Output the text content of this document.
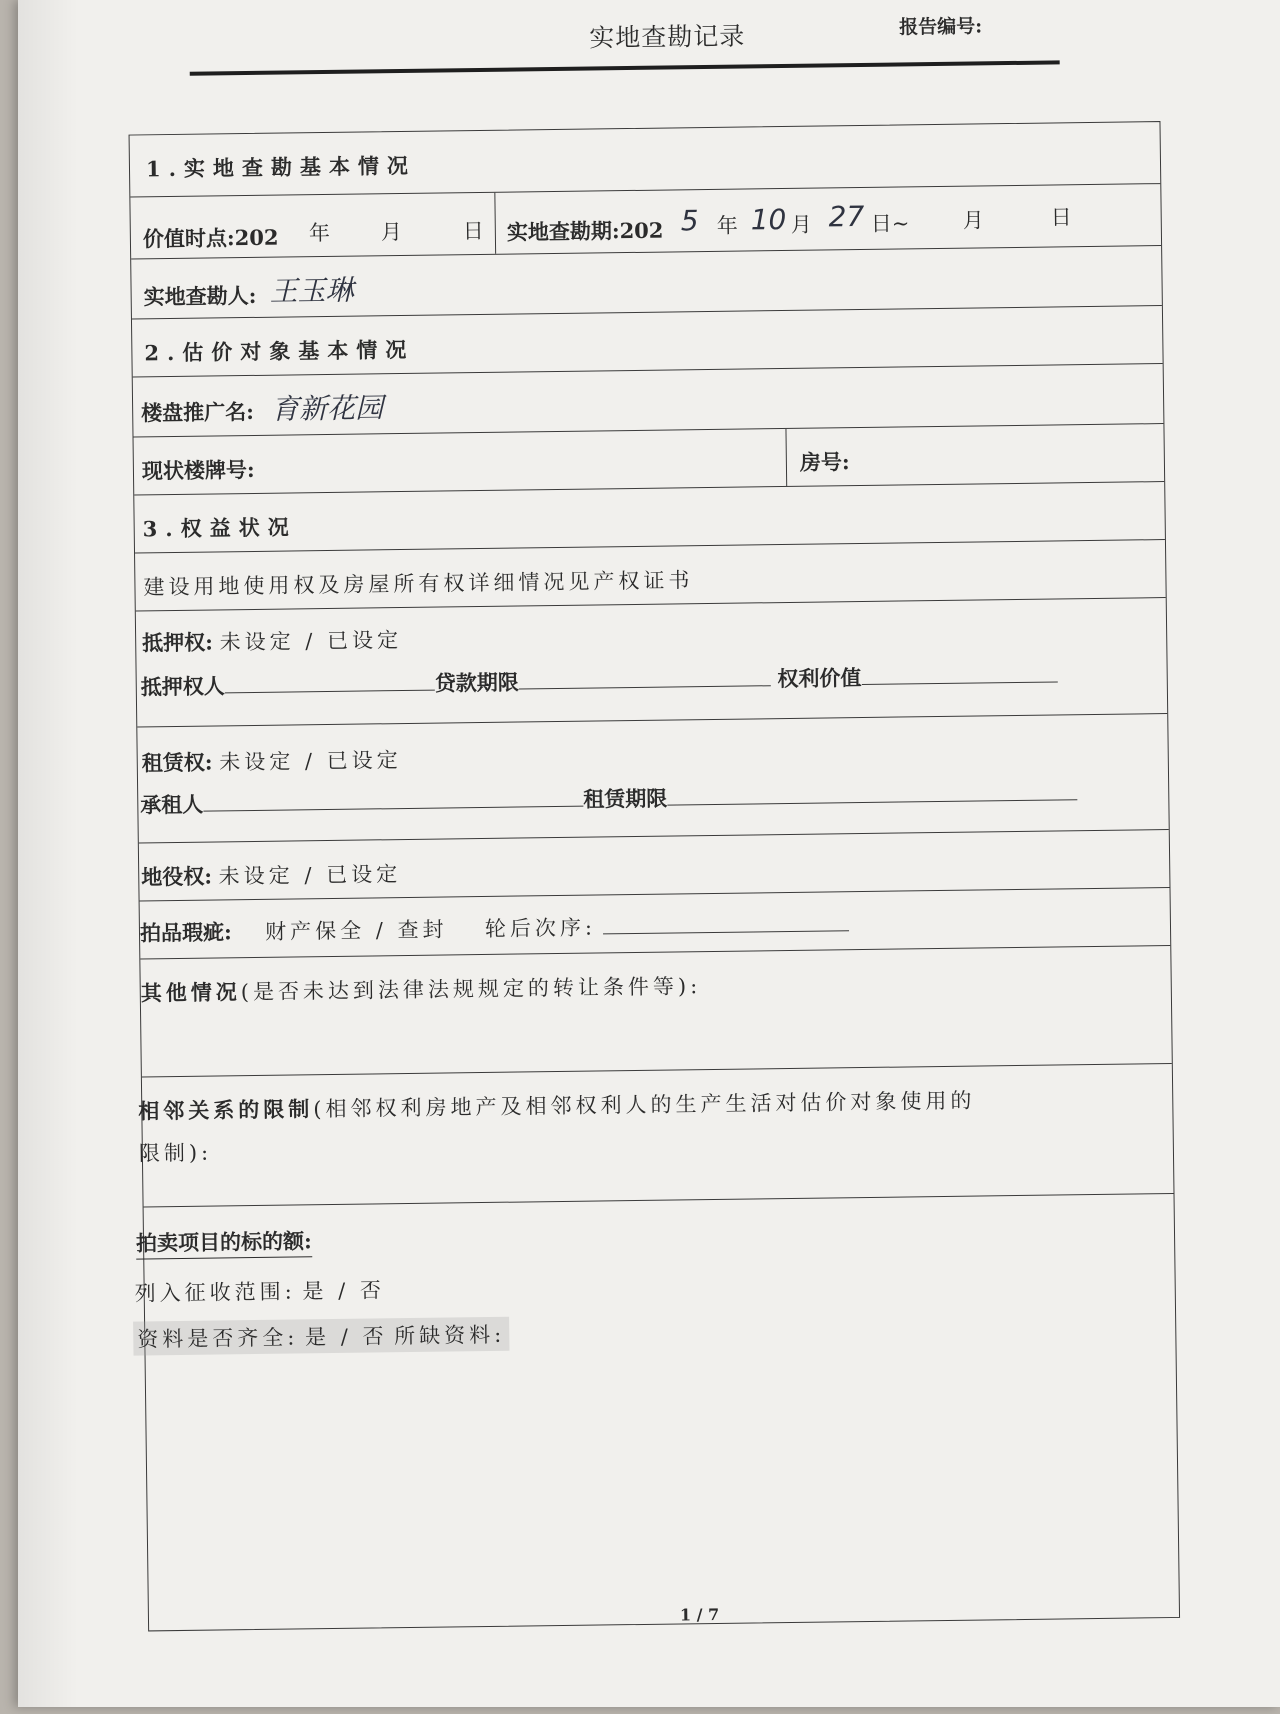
实地查勘记录	报告编号:
1.实地查勘基本情况
价值时点:202 年 月	日 实地查勘期:202 5 年 10 月 27 日~	月	日
实地查勘人: 王玉琳
2.估价对象基本情况
楼盘推广名: 育新花园
现状楼牌号:	房号:
3.权益状况
建设用地使用权及房屋所有权详细情况见产权证书
抵押权: 未设定 / 已设定
抵押权人	贷款期限	权利价值
租赁权: 未设定 / 已设定
承租人	租赁期限
地役权: 未设定 / 已设定
拍品瑕疵: 财产保全 / 查封 轮后次序:
其他情况(是否未达到法律法规规定的转让条件等):
相邻关系的限制(相邻权利房地产及相邻权利人的生产生活对估价对象使用的
限制):
拍卖项目的标的额:
列入征收范围: 是 / 否
资料是否齐全: 是 / 否 所缺资料:
1 / 7
